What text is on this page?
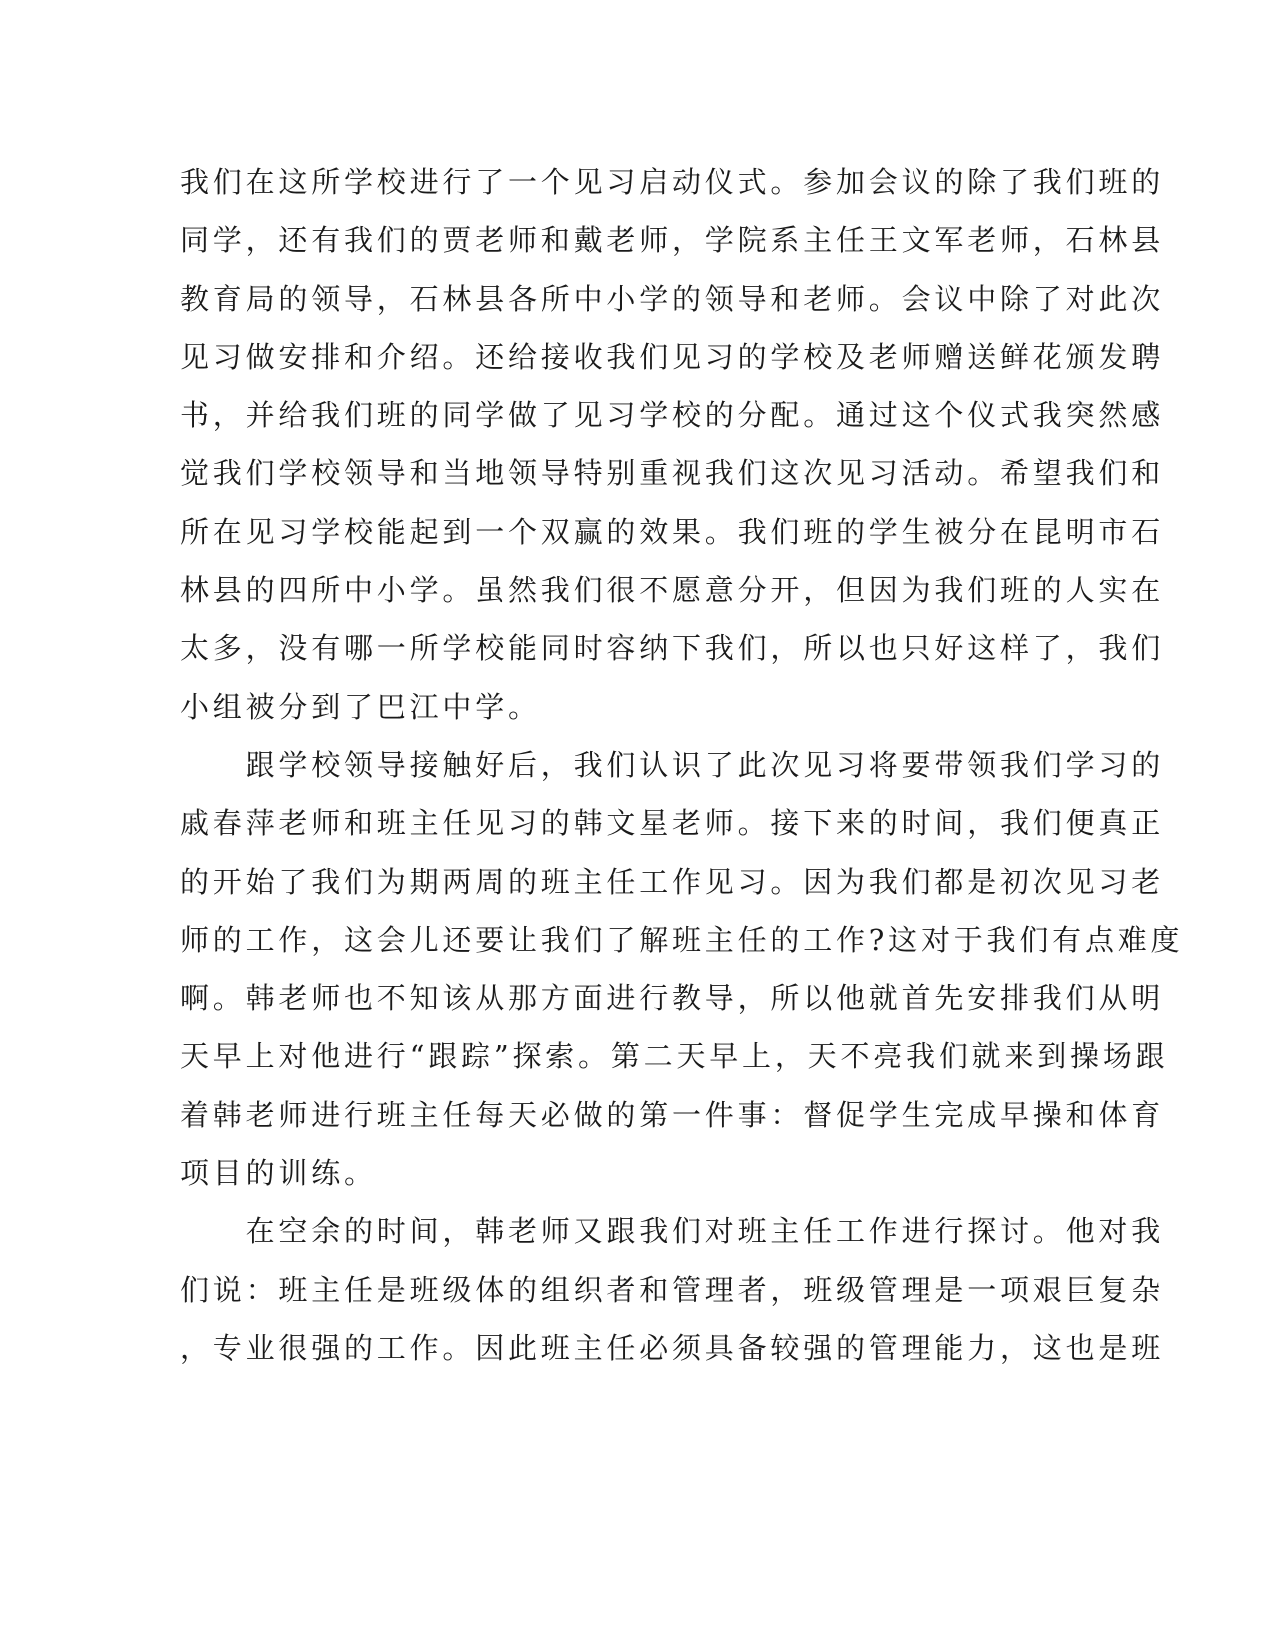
我们在这所学校进行了一个见习启动仪式。参加会议的除了我们班的
同学，还有我们的贾老师和戴老师，学院系主任王文军老师，石林县
教育局的领导，石林县各所中小学的领导和老师。会议中除了对此次
见习做安排和介绍。还给接收我们见习的学校及老师赠送鲜花颁发聘
书，并给我们班的同学做了见习学校的分配。通过这个仪式我突然感
觉我们学校领导和当地领导特别重视我们这次见习活动。希望我们和
所在见习学校能起到一个双赢的效果。我们班的学生被分在昆明市石
林县的四所中小学。虽然我们很不愿意分开，但因为我们班的人实在
太多，没有哪一所学校能同时容纳下我们，所以也只好这样了，我们
小组被分到了巴江中学。
　　跟学校领导接触好后，我们认识了此次见习将要带领我们学习的
戚春萍老师和班主任见习的韩文星老师。接下来的时间，我们便真正
的开始了我们为期两周的班主任工作见习。因为我们都是初次见习老
师的工作，这会儿还要让我们了解班主任的工作?这对于我们有点难度
啊。韩老师也不知该从那方面进行教导，所以他就首先安排我们从明
天早上对他进行“跟踪”探索。第二天早上，天不亮我们就来到操场跟
着韩老师进行班主任每天必做的第一件事：督促学生完成早操和体育
项目的训练。
　　在空余的时间，韩老师又跟我们对班主任工作进行探讨。他对我
们说：班主任是班级体的组织者和管理者，班级管理是一项艰巨复杂
，专业很强的工作。因此班主任必须具备较强的管理能力，这也是班
